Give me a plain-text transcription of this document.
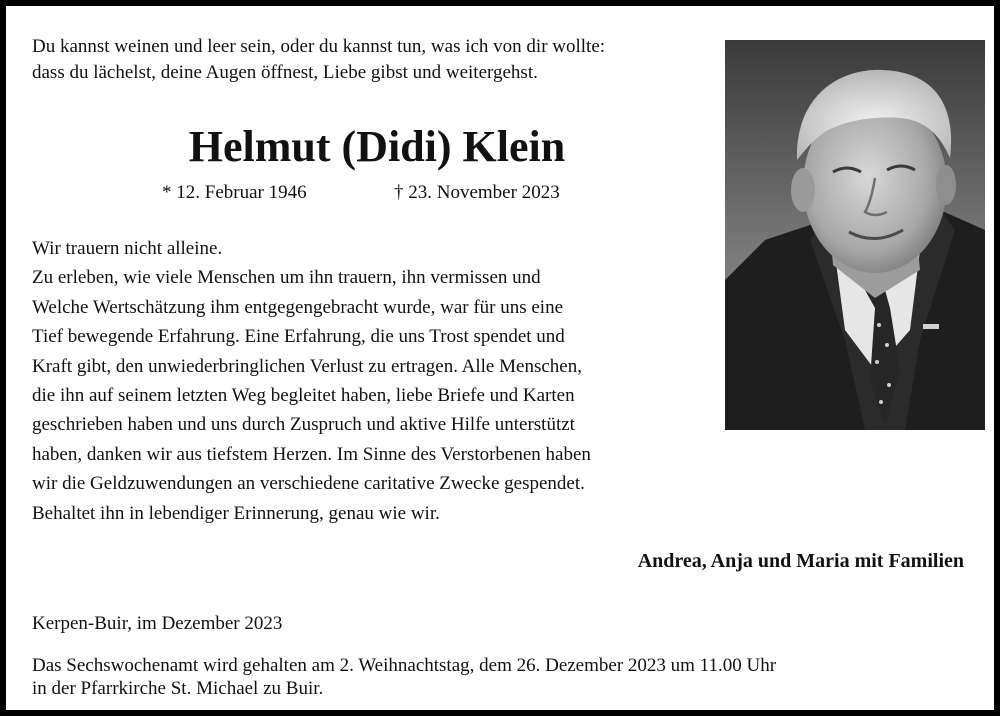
Du kannst weinen und leer sein, oder du kannst tun, was ich von dir wollte:
dass du lächelst, deine Augen öffnest, Liebe gibst und weitergehst.
Helmut (Didi) Klein
* 12. Februar 1946	† 23. November 2023
Wir trauern nicht alleine.
Zu erleben, wie viele Menschen um ihn trauern, ihn vermissen und
Welche Wertschätzung ihm entgegengebracht wurde, war für uns eine
Tief bewegende Erfahrung. Eine Erfahrung, die uns Trost spendet und
Kraft gibt, den unwiederbringlichen Verlust zu ertragen. Alle Menschen,
die ihn auf seinem letzten Weg begleitet haben, liebe Briefe und Karten
geschrieben haben und uns durch Zuspruch und aktive Hilfe unterstützt
haben, danken wir aus tiefstem Herzen. Im Sinne des Verstorbenen haben
wir die Geldzuwendungen an verschiedene caritative Zwecke gespendet.
Behaltet ihn in lebendiger Erinnerung, genau wie wir.
Andrea, Anja und Maria mit Familien
Kerpen-Buir, im Dezember 2023
Das Sechswochenamt wird gehalten am 2. Weihnachtstag, dem 26. Dezember 2023 um 11.00 Uhr
in der Pfarrkirche St. Michael zu Buir.
